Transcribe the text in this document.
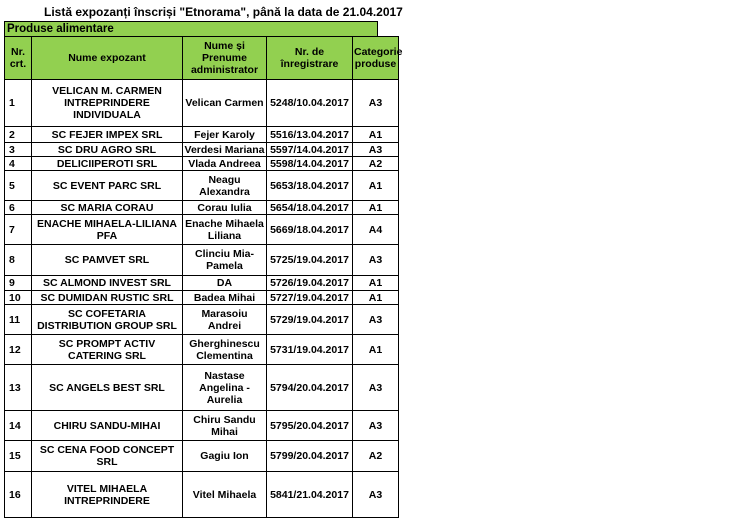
Listă expozanți înscriși "Etnorama", până la data de 21.04.2017
Produse alimentare
Nr. crt.	Nume expozant	Nume și Prenume administrator	Nr. de înregistrare	Categorie produse
1	VELICAN M. CARMEN INTREPRINDERE INDIVIDUALA	Velican Carmen	5248/10.04.2017	A3
2	SC FEJER IMPEX SRL	Fejer Karoly	5516/13.04.2017	A1
3	SC DRU AGRO SRL	Verdesi Mariana	5597/14.04.2017	A3
4	DELICIIPEROTI SRL	Vlada Andreea	5598/14.04.2017	A2
5	SC EVENT PARC SRL	Neagu Alexandra	5653/18.04.2017	A1
6	SC MARIA CORAU	Corau Iulia	5654/18.04.2017	A1
7	ENACHE MIHAELA-LILIANA PFA	Enache Mihaela Liliana	5669/18.04.2017	A4
8	SC PAMVET SRL	Clinciu Mia-Pamela	5725/19.04.2017	A3
9	SC ALMOND INVEST SRL	DA	5726/19.04.2017	A1
10	SC DUMIDAN RUSTIC SRL	Badea Mihai	5727/19.04.2017	A1
11	SC COFETARIA DISTRIBUTION GROUP SRL	Marasoiu Andrei	5729/19.04.2017	A3
12	SC PROMPT ACTIV CATERING SRL	Gherghinescu Clementina	5731/19.04.2017	A1
13	SC ANGELS BEST SRL	Nastase Angelina - Aurelia	5794/20.04.2017	A3
14	CHIRU SANDU-MIHAI	Chiru Sandu Mihai	5795/20.04.2017	A3
15	SC CENA FOOD CONCEPT SRL	Gagiu Ion	5799/20.04.2017	A2
16	VITEL MIHAELA INTREPRINDERE	Vitel Mihaela	5841/21.04.2017	A3
